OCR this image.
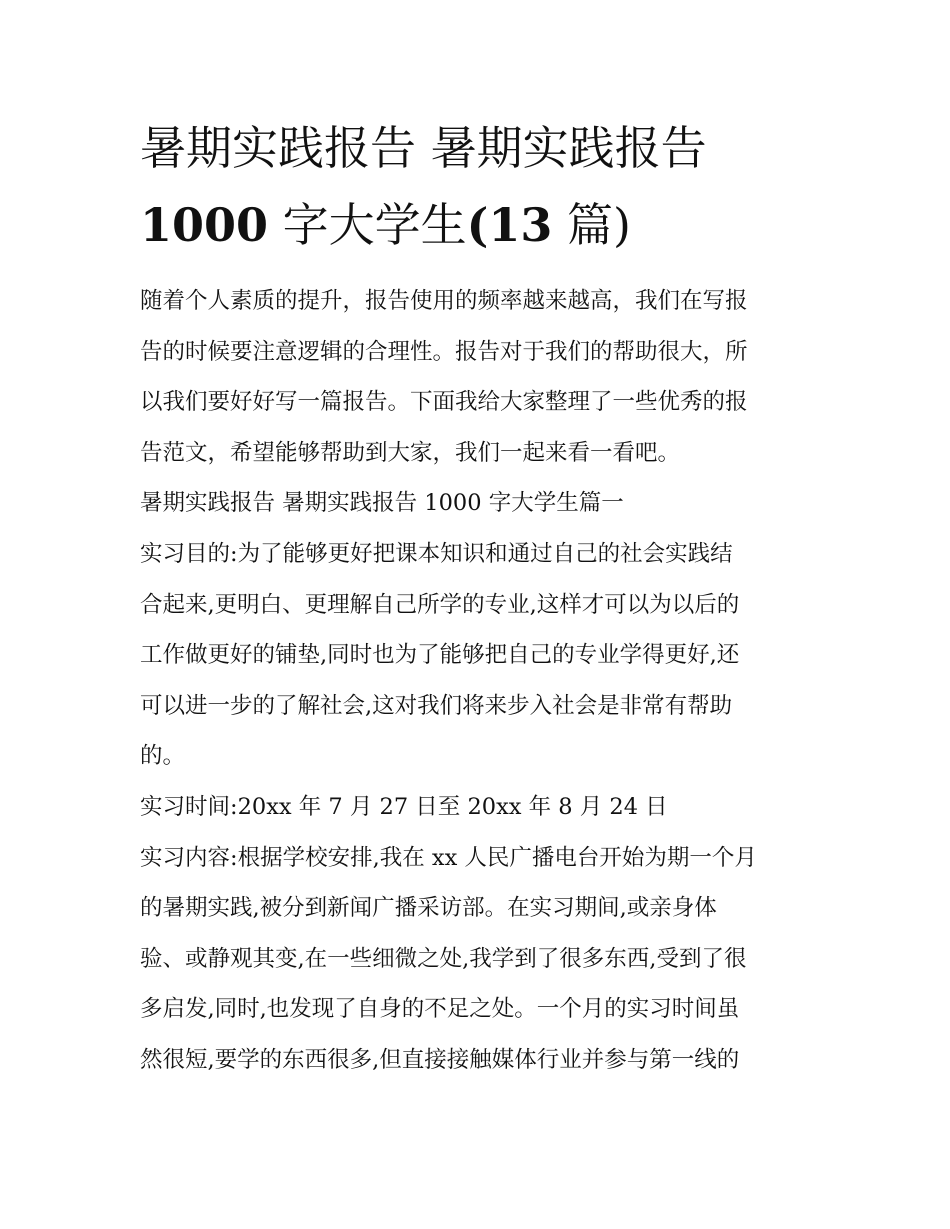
暑期实践报告 暑期实践报告
1000 字大学生(13 篇)
随着个人素质的提升，报告使用的频率越来越高，我们在写报
告的时候要注意逻辑的合理性。报告对于我们的帮助很大，所
以我们要好好写一篇报告。下面我给大家整理了一些优秀的报
告范文，希望能够帮助到大家，我们一起来看一看吧。
暑期实践报告 暑期实践报告 1000 字大学生篇一
实习目的:为了能够更好把课本知识和通过自己的社会实践结
合起来,更明白、更理解自己所学的专业,这样才可以为以后的
工作做更好的铺垫,同时也为了能够把自己的专业学得更好,还
可以进一步的了解社会,这对我们将来步入社会是非常有帮助
的。
实习时间:20xx 年 7 月 27 日至 20xx 年 8 月 24 日
实习内容:根据学校安排,我在 xx 人民广播电台开始为期一个月
的暑期实践,被分到新闻广播采访部。在实习期间,或亲身体
验、或静观其变,在一些细微之处,我学到了很多东西,受到了很
多启发,同时,也发现了自身的不足之处。一个月的实习时间虽
然很短,要学的东西很多,但直接接触媒体行业并参与第一线的
